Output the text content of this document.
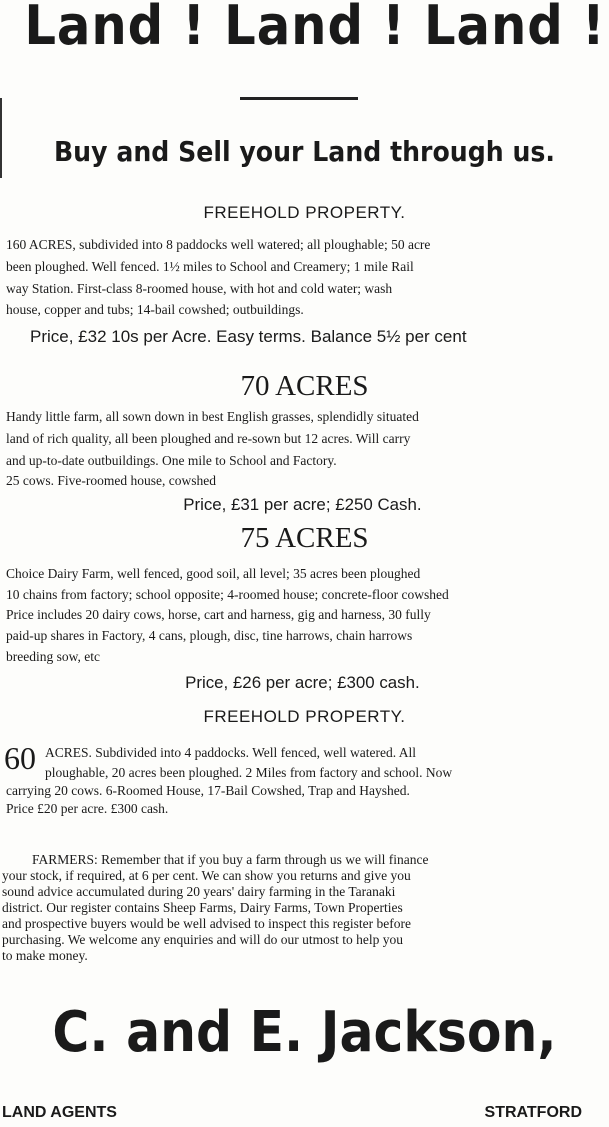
Land ! Land ! Land !
Buy and Sell your Land through us.
FREEHOLD PROPERTY.
160 ACRES, subdivided into 8 paddocks well watered; all ploughable; 50 acre
been ploughed. Well fenced. 1½ miles to School and Creamery; 1 mile Rail
way Station. First-class 8-roomed house, with hot and cold water; wash
house, copper and tubs; 14-bail cowshed; outbuildings.
Price, £32 10s per Acre. Easy terms. Balance 5½ per cent
70 ACRES
Handy little farm, all sown down in best English grasses, splendidly situated
land of rich quality, all been ploughed and re-sown but 12 acres. Will carry
and up-to-date outbuildings. One mile to School and Factory.
25 cows. Five-roomed house, cowshed
Price, £31 per acre; £250 Cash.
75 ACRES
Choice Dairy Farm, well fenced, good soil, all level; 35 acres been ploughed
10 chains from factory; school opposite; 4-roomed house; concrete-floor cowshed
Price includes 20 dairy cows, horse, cart and harness, gig and harness, 30 fully
paid-up shares in Factory, 4 cans, plough, disc, tine harrows, chain harrows
breeding sow, etc
Price, £26 per acre; £300 cash.
FREEHOLD PROPERTY.
60 ACRES. Subdivided into 4 paddocks. Well fenced, well watered. All
ploughable, 20 acres been ploughed. 2 Miles from factory and school. Now
carrying 20 cows. 6-Roomed House, 17-Bail Cowshed, Trap and Hayshed.
Price £20 per acre. £300 cash.
FARMERS: Remember that if you buy a farm through us we will finance
your stock, if required, at 6 per cent. We can show you returns and give you
sound advice accumulated during 20 years' dairy farming in the Taranaki
district. Our register contains Sheep Farms, Dairy Farms, Town Properties
and prospective buyers would be well advised to inspect this register before
purchasing. We welcome any enquiries and will do our utmost to help you
to make money.
C. and E. Jackson,
LAND AGENTS	STRATFORD
